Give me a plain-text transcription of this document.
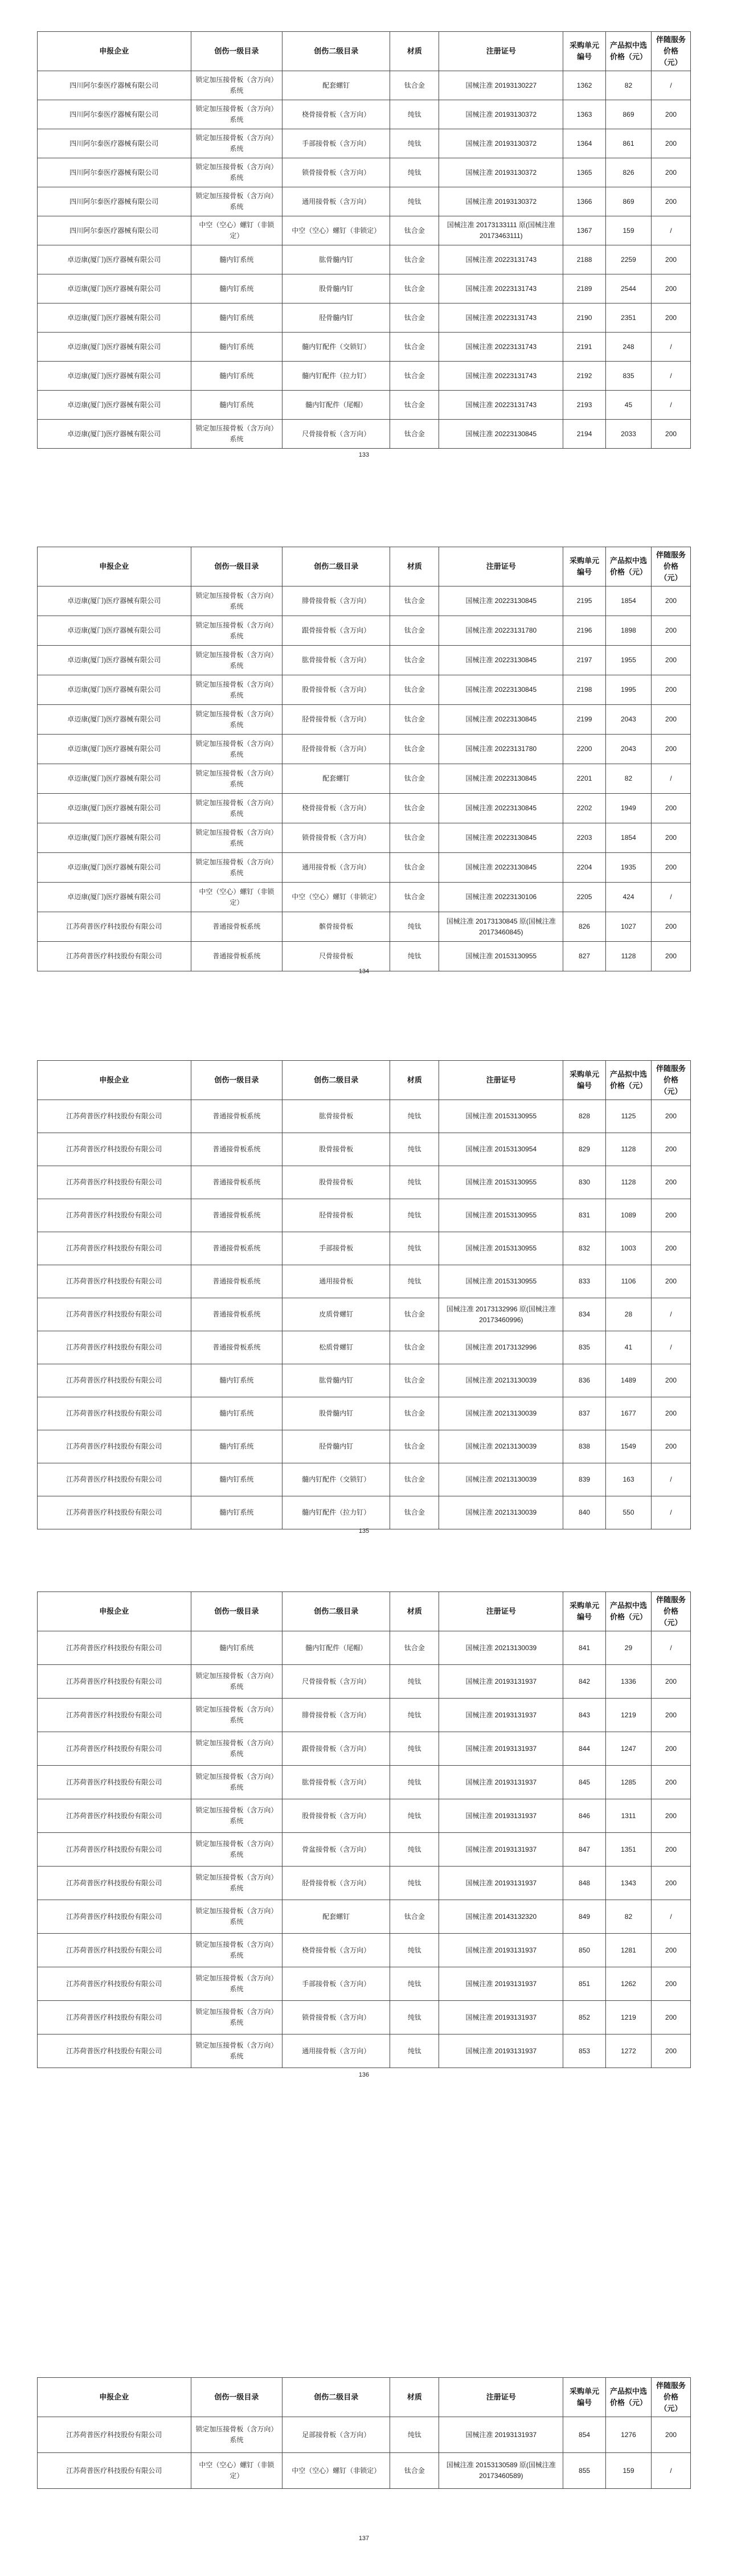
申报企业	创伤一级目录	创伤二级目录	材质	注册证号	采购单元编号	产品拟中选价格（元）	伴随服务价格（元）
四川阿尔泰医疗器械有限公司	锁定加压接骨板（含万向）系统	配套螺钉	钛合金	国械注准 20193130227	1362	82	/
四川阿尔泰医疗器械有限公司	锁定加压接骨板（含万向）系统	桡骨接骨板（含万向）	纯钛	国械注准 20193130372	1363	869	200
四川阿尔泰医疗器械有限公司	锁定加压接骨板（含万向）系统	手部接骨板（含万向）	纯钛	国械注准 20193130372	1364	861	200
四川阿尔泰医疗器械有限公司	锁定加压接骨板（含万向）系统	锁骨接骨板（含万向）	纯钛	国械注准 20193130372	1365	826	200
四川阿尔泰医疗器械有限公司	锁定加压接骨板（含万向）系统	通用接骨板（含万向）	纯钛	国械注准 20193130372	1366	869	200
四川阿尔泰医疗器械有限公司	中空（空心）螺钉（非锁定）	中空（空心）螺钉（非锁定）	钛合金	国械注准 20173133111 原(国械注准 20173463111)	1367	159	/
卓迈康(厦门)医疗器械有限公司	髓内钉系统	肱骨髓内钉	钛合金	国械注准 20223131743	2188	2259	200
卓迈康(厦门)医疗器械有限公司	髓内钉系统	股骨髓内钉	钛合金	国械注准 20223131743	2189	2544	200
卓迈康(厦门)医疗器械有限公司	髓内钉系统	胫骨髓内钉	钛合金	国械注准 20223131743	2190	2351	200
卓迈康(厦门)医疗器械有限公司	髓内钉系统	髓内钉配件（交锁钉）	钛合金	国械注准 20223131743	2191	248	/
卓迈康(厦门)医疗器械有限公司	髓内钉系统	髓内钉配件（拉力钉）	钛合金	国械注准 20223131743	2192	835	/
卓迈康(厦门)医疗器械有限公司	髓内钉系统	髓内钉配件（尾帽）	钛合金	国械注准 20223131743	2193	45	/
卓迈康(厦门)医疗器械有限公司	锁定加压接骨板（含万向）系统	尺骨接骨板（含万向）	钛合金	国械注准 20223130845	2194	2033	200
133
申报企业	创伤一级目录	创伤二级目录	材质	注册证号	采购单元编号	产品拟中选价格（元）	伴随服务价格（元）
卓迈康(厦门)医疗器械有限公司	锁定加压接骨板（含万向）系统	腓骨接骨板（含万向）	钛合金	国械注准 20223130845	2195	1854	200
卓迈康(厦门)医疗器械有限公司	锁定加压接骨板（含万向）系统	跟骨接骨板（含万向）	钛合金	国械注准 20223131780	2196	1898	200
卓迈康(厦门)医疗器械有限公司	锁定加压接骨板（含万向）系统	肱骨接骨板（含万向）	钛合金	国械注准 20223130845	2197	1955	200
卓迈康(厦门)医疗器械有限公司	锁定加压接骨板（含万向）系统	股骨接骨板（含万向）	钛合金	国械注准 20223130845	2198	1995	200
卓迈康(厦门)医疗器械有限公司	锁定加压接骨板（含万向）系统	胫骨接骨板（含万向）	钛合金	国械注准 20223130845	2199	2043	200
卓迈康(厦门)医疗器械有限公司	锁定加压接骨板（含万向）系统	胫骨接骨板（含万向）	钛合金	国械注准 20223131780	2200	2043	200
卓迈康(厦门)医疗器械有限公司	锁定加压接骨板（含万向）系统	配套螺钉	钛合金	国械注准 20223130845	2201	82	/
卓迈康(厦门)医疗器械有限公司	锁定加压接骨板（含万向）系统	桡骨接骨板（含万向）	钛合金	国械注准 20223130845	2202	1949	200
卓迈康(厦门)医疗器械有限公司	锁定加压接骨板（含万向）系统	锁骨接骨板（含万向）	钛合金	国械注准 20223130845	2203	1854	200
卓迈康(厦门)医疗器械有限公司	锁定加压接骨板（含万向）系统	通用接骨板（含万向）	钛合金	国械注准 20223130845	2204	1935	200
卓迈康(厦门)医疗器械有限公司	中空（空心）螺钉（非锁定）	中空（空心）螺钉（非锁定）	钛合金	国械注准 20223130106	2205	424	/
江苏荷普医疗科技股份有限公司	普通接骨板系统	髌骨接骨板	纯钛	国械注准 20173130845 原(国械注准 20173460845)	826	1027	200
江苏荷普医疗科技股份有限公司	普通接骨板系统	尺骨接骨板	纯钛	国械注准 20153130955	827	1128	200
134
申报企业	创伤一级目录	创伤二级目录	材质	注册证号	采购单元编号	产品拟中选价格（元）	伴随服务价格（元）
江苏荷普医疗科技股份有限公司	普通接骨板系统	肱骨接骨板	纯钛	国械注准 20153130955	828	1125	200
江苏荷普医疗科技股份有限公司	普通接骨板系统	股骨接骨板	纯钛	国械注准 20153130954	829	1128	200
江苏荷普医疗科技股份有限公司	普通接骨板系统	股骨接骨板	纯钛	国械注准 20153130955	830	1128	200
江苏荷普医疗科技股份有限公司	普通接骨板系统	胫骨接骨板	纯钛	国械注准 20153130955	831	1089	200
江苏荷普医疗科技股份有限公司	普通接骨板系统	手部接骨板	纯钛	国械注准 20153130955	832	1003	200
江苏荷普医疗科技股份有限公司	普通接骨板系统	通用接骨板	纯钛	国械注准 20153130955	833	1106	200
江苏荷普医疗科技股份有限公司	普通接骨板系统	皮质骨螺钉	钛合金	国械注准 20173132996 原(国械注准 20173460996)	834	28	/
江苏荷普医疗科技股份有限公司	普通接骨板系统	松质骨螺钉	钛合金	国械注准 20173132996	835	41	/
江苏荷普医疗科技股份有限公司	髓内钉系统	肱骨髓内钉	钛合金	国械注准 20213130039	836	1489	200
江苏荷普医疗科技股份有限公司	髓内钉系统	股骨髓内钉	钛合金	国械注准 20213130039	837	1677	200
江苏荷普医疗科技股份有限公司	髓内钉系统	胫骨髓内钉	钛合金	国械注准 20213130039	838	1549	200
江苏荷普医疗科技股份有限公司	髓内钉系统	髓内钉配件（交锁钉）	钛合金	国械注准 20213130039	839	163	/
江苏荷普医疗科技股份有限公司	髓内钉系统	髓内钉配件（拉力钉）	钛合金	国械注准 20213130039	840	550	/
135
申报企业	创伤一级目录	创伤二级目录	材质	注册证号	采购单元编号	产品拟中选价格（元）	伴随服务价格（元）
江苏荷普医疗科技股份有限公司	髓内钉系统	髓内钉配件（尾帽）	钛合金	国械注准 20213130039	841	29	/
江苏荷普医疗科技股份有限公司	锁定加压接骨板（含万向）系统	尺骨接骨板（含万向）	纯钛	国械注准 20193131937	842	1336	200
江苏荷普医疗科技股份有限公司	锁定加压接骨板（含万向）系统	腓骨接骨板（含万向）	纯钛	国械注准 20193131937	843	1219	200
江苏荷普医疗科技股份有限公司	锁定加压接骨板（含万向）系统	跟骨接骨板（含万向）	纯钛	国械注准 20193131937	844	1247	200
江苏荷普医疗科技股份有限公司	锁定加压接骨板（含万向）系统	肱骨接骨板（含万向）	纯钛	国械注准 20193131937	845	1285	200
江苏荷普医疗科技股份有限公司	锁定加压接骨板（含万向）系统	股骨接骨板（含万向）	纯钛	国械注准 20193131937	846	1311	200
江苏荷普医疗科技股份有限公司	锁定加压接骨板（含万向）系统	骨盆接骨板（含万向）	纯钛	国械注准 20193131937	847	1351	200
江苏荷普医疗科技股份有限公司	锁定加压接骨板（含万向）系统	胫骨接骨板（含万向）	纯钛	国械注准 20193131937	848	1343	200
江苏荷普医疗科技股份有限公司	锁定加压接骨板（含万向）系统	配套螺钉	钛合金	国械注准 20143132320	849	82	/
江苏荷普医疗科技股份有限公司	锁定加压接骨板（含万向）系统	桡骨接骨板（含万向）	纯钛	国械注准 20193131937	850	1281	200
江苏荷普医疗科技股份有限公司	锁定加压接骨板（含万向）系统	手部接骨板（含万向）	纯钛	国械注准 20193131937	851	1262	200
江苏荷普医疗科技股份有限公司	锁定加压接骨板（含万向）系统	锁骨接骨板（含万向）	纯钛	国械注准 20193131937	852	1219	200
江苏荷普医疗科技股份有限公司	锁定加压接骨板（含万向）系统	通用接骨板（含万向）	纯钛	国械注准 20193131937	853	1272	200
136
申报企业	创伤一级目录	创伤二级目录	材质	注册证号	采购单元编号	产品拟中选价格（元）	伴随服务价格（元）
江苏荷普医疗科技股份有限公司	锁定加压接骨板（含万向）系统	足部接骨板（含万向）	纯钛	国械注准 20193131937	854	1276	200
江苏荷普医疗科技股份有限公司	中空（空心）螺钉（非锁定）	中空（空心）螺钉（非锁定）	钛合金	国械注准 20153130589 原(国械注准 20173460589)	855	159	/
137
